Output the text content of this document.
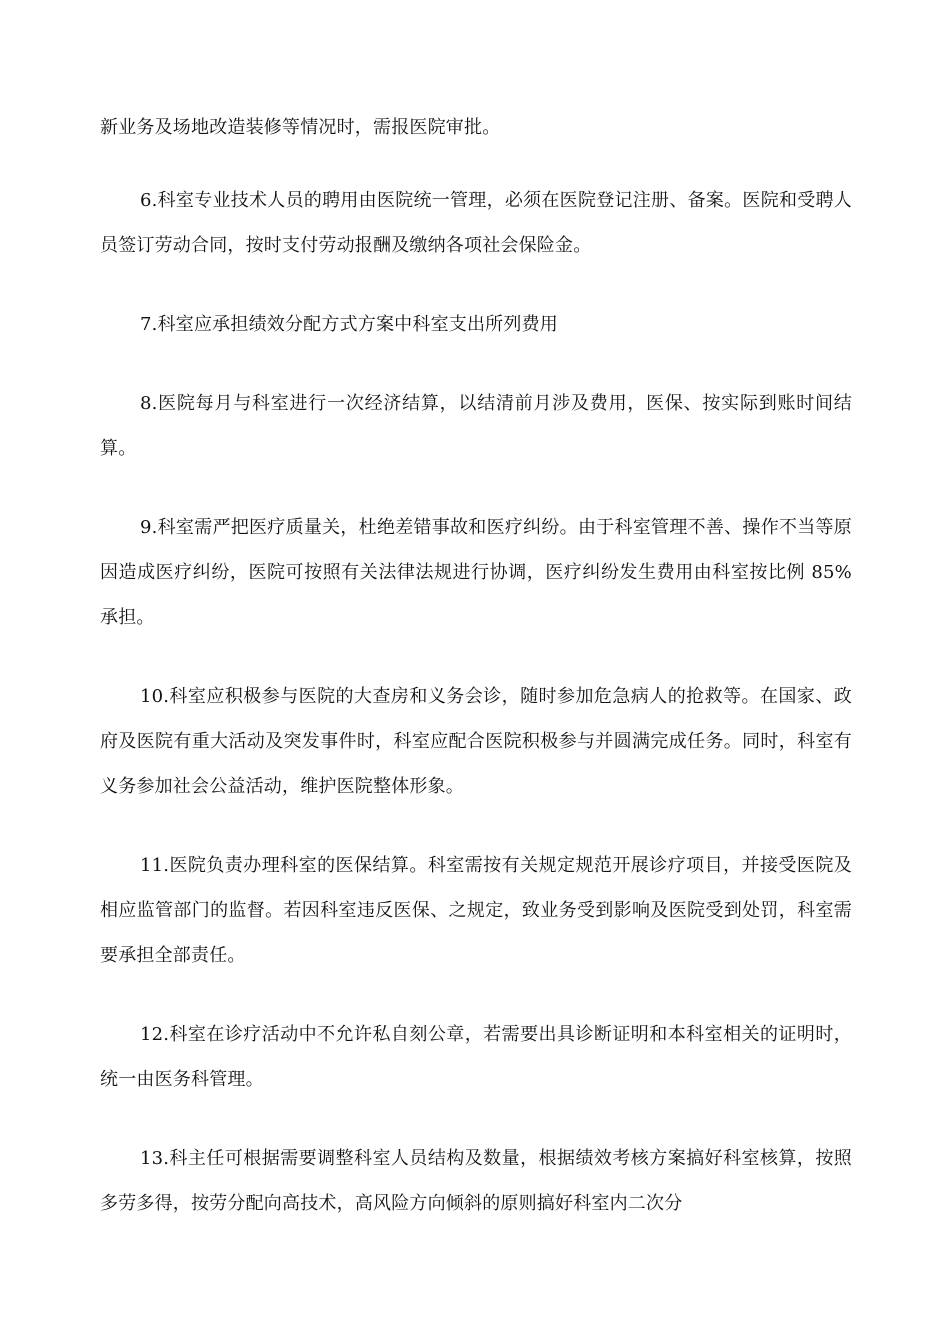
新业务及场地改造装修等情况时，需报医院审批。

6.科室专业技术人员的聘用由医院统一管理，必须在医院登记注册、备案。医院和受聘人员签订劳动合同，按时支付劳动报酬及缴纳各项社会保险金。

7.科室应承担绩效分配方式方案中科室支出所列费用

8.医院每月与科室进行一次经济结算，以结清前月涉及费用，医保、按实际到账时间结算。

9.科室需严把医疗质量关，杜绝差错事故和医疗纠纷。由于科室管理不善、操作不当等原因造成医疗纠纷，医院可按照有关法律法规进行协调，医疗纠纷发生费用由科室按比例 85%承担。

10.科室应积极参与医院的大查房和义务会诊，随时参加危急病人的抢救等。在国家、政府及医院有重大活动及突发事件时，科室应配合医院积极参与并圆满完成任务。同时，科室有义务参加社会公益活动，维护医院整体形象。

11.医院负责办理科室的医保结算。科室需按有关规定规范开展诊疗项目，并接受医院及相应监管部门的监督。若因科室违反医保、之规定，致业务受到影响及医院受到处罚，科室需要承担全部责任。

12.科室在诊疗活动中不允许私自刻公章，若需要出具诊断证明和本科室相关的证明时，统一由医务科管理。

13.科主任可根据需要调整科室人员结构及数量，根据绩效考核方案搞好科室核算，按照多劳多得，按劳分配向高技术，高风险方向倾斜的原则搞好科室内二次分
